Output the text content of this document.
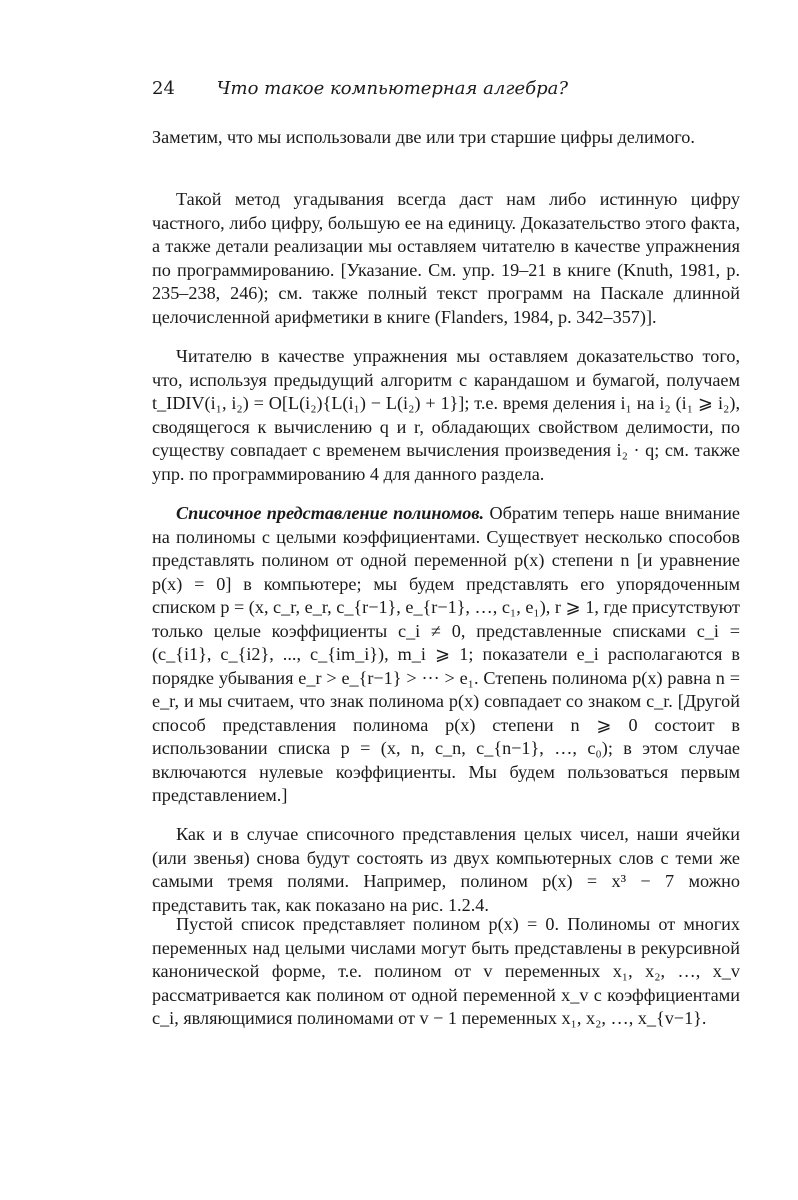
24 Что такое компьютерная алгебра?

Заметим, что мы использовали две или три старшие цифры делимого.

Такой метод угадывания всегда даст нам либо истинную цифру частного, либо цифру, большую ее на единицу. Доказательство этого факта, а также детали реализации мы оставляем читателю в качестве упражнения по программированию. [Указание. См. упр. 19–21 в книге (Knuth, 1981, p. 235–238, 246); см. также полный текст программ на Паскале длинной целочисленной арифметики в книге (Flanders, 1984, p. 342–357)].

Читателю в качестве упражнения мы оставляем доказательство того, что, используя предыдущий алгоритм с карандашом и бумагой, получаем t_IDIV(i₁, i₂) = O[L(i₂){L(i₁) − L(i₂) + 1}]; т.е. время деления i₁ на i₂ (i₁ ⩾ i₂), сводящегося к вычислению q и r, обладающих свойством делимости, по существу совпадает с временем вычисления произведения i₂ · q; см. также упр. по программированию 4 для данного раздела.

Списочное представление полиномов. Обратим теперь наше внимание на полиномы с целыми коэффициентами. Существует несколько способов представлять полином от одной переменной p(x) степени n [и уравнение p(x) = 0] в компьютере; мы будем представлять его упорядоченным списком p = (x, c_r, e_r, c_{r−1}, e_{r−1}, …, c₁, e₁), r ⩾ 1, где присутствуют только целые коэффициенты c_i ≠ 0, представленные списками c_i = (c_{i1}, c_{i2}, ..., c_{im_i}), m_i ⩾ 1; показатели e_i располагаются в порядке убывания e_r > e_{r−1} > ··· > e₁. Степень полинома p(x) равна n = e_r, и мы считаем, что знак полинома p(x) совпадает со знаком c_r. [Другой способ представления полинома p(x) степени n ⩾ 0 состоит в использовании списка p = (x, n, c_n, c_{n−1}, …, c₀); в этом случае включаются нулевые коэффициенты. Мы будем пользоваться первым представлением.]

Как и в случае списочного представления целых чисел, наши ячейки (или звенья) снова будут состоять из двух компьютерных слов с теми же самыми тремя полями. Например, полином p(x) = x³ − 7 можно представить так, как показано на рис. 1.2.4.

Пустой список представляет полином p(x) = 0. Полиномы от многих переменных над целыми числами могут быть представлены в рекурсивной канонической форме, т.е. полином от v переменных x₁, x₂, …, x_v рассматривается как полином от одной переменной x_v с коэффициентами c_i, являющимися полиномами от v − 1 переменных x₁, x₂, …, x_{v−1}.
